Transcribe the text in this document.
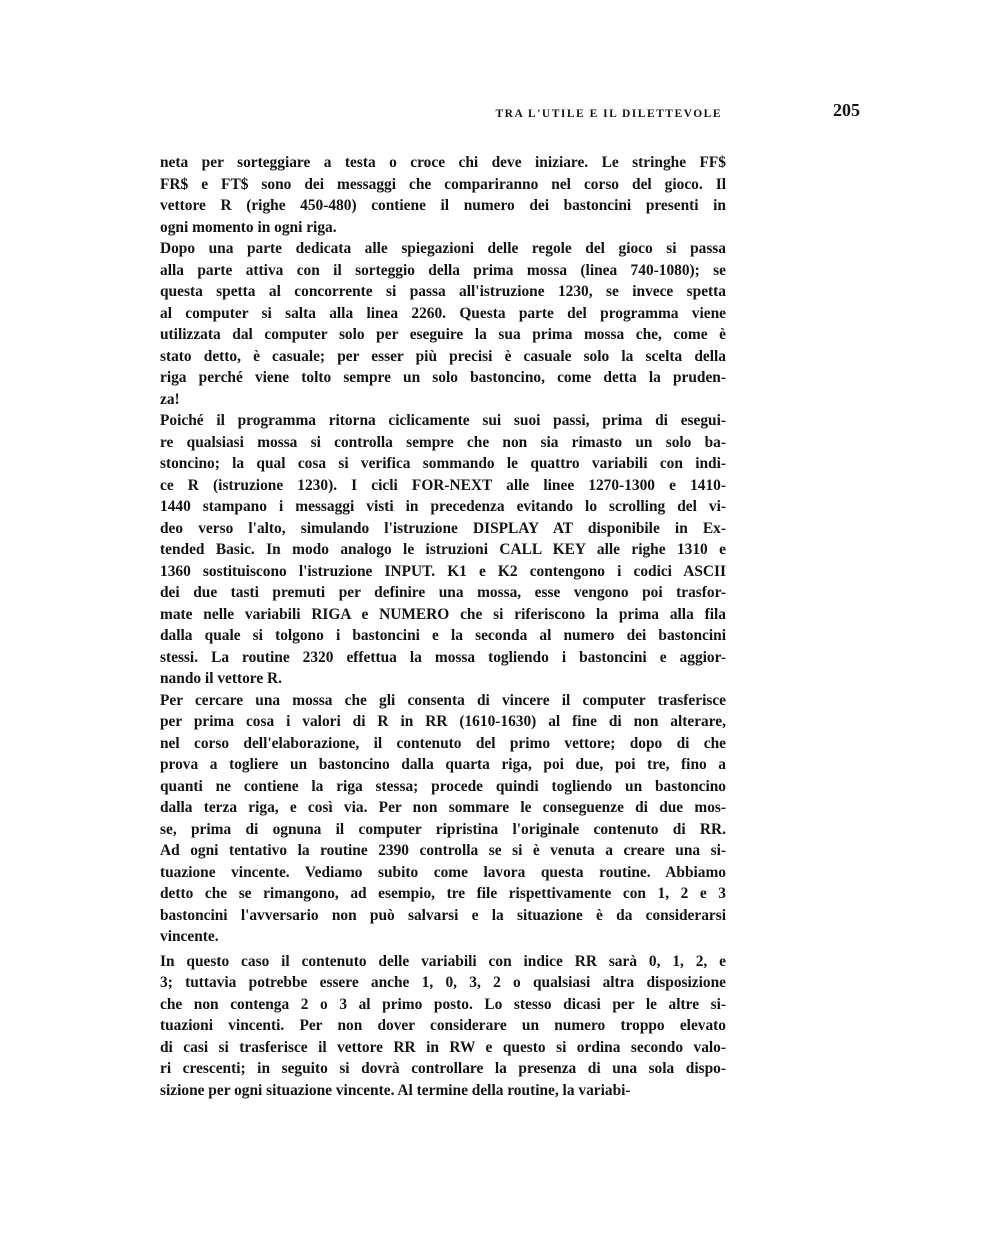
TRA L'UTILE E IL DILETTEVOLE	205
neta per sorteggiare a testa o croce chi deve iniziare. Le stringhe FF$
FR$ e FT$ sono dei messaggi che compariranno nel corso del gioco. Il
vettore R (righe 450-480) contiene il numero dei bastoncini presenti in
ogni momento in ogni riga.
Dopo una parte dedicata alle spiegazioni delle regole del gioco si passa
alla parte attiva con il sorteggio della prima mossa (linea 740-1080); se
questa spetta al concorrente si passa all'istruzione 1230, se invece spetta
al computer si salta alla linea 2260. Questa parte del programma viene
utilizzata dal computer solo per eseguire la sua prima mossa che, come è
stato detto, è casuale; per esser più precisi è casuale solo la scelta della
riga perché viene tolto sempre un solo bastoncino, come detta la pruden-
za!
Poiché il programma ritorna ciclicamente sui suoi passi, prima di esegui-
re qualsiasi mossa si controlla sempre che non sia rimasto un solo ba-
stoncino; la qual cosa si verifica sommando le quattro variabili con indi-
ce R (istruzione 1230). I cicli FOR-NEXT alle linee 1270-1300 e 1410-
1440 stampano i messaggi visti in precedenza evitando lo scrolling del vi-
deo verso l'alto, simulando l'istruzione DISPLAY AT disponibile in Ex-
tended Basic. In modo analogo le istruzioni CALL KEY alle righe 1310 e
1360 sostituiscono l'istruzione INPUT. K1 e K2 contengono i codici ASCII
dei due tasti premuti per definire una mossa, esse vengono poi trasfor-
mate nelle variabili RIGA e NUMERO che si riferiscono la prima alla fila
dalla quale si tolgono i bastoncini e la seconda al numero dei bastoncini
stessi. La routine 2320 effettua la mossa togliendo i bastoncini e aggior-
nando il vettore R.
Per cercare una mossa che gli consenta di vincere il computer trasferisce
per prima cosa i valori di R in RR (1610-1630) al fine di non alterare,
nel corso dell'elaborazione, il contenuto del primo vettore; dopo di che
prova a togliere un bastoncino dalla quarta riga, poi due, poi tre, fino a
quanti ne contiene la riga stessa; procede quindi togliendo un bastoncino
dalla terza riga, e così via. Per non sommare le conseguenze di due mos-
se, prima di ognuna il computer ripristina l'originale contenuto di RR.
Ad ogni tentativo la routine 2390 controlla se si è venuta a creare una si-
tuazione vincente. Vediamo subito come lavora questa routine. Abbiamo
detto che se rimangono, ad esempio, tre file rispettivamente con 1, 2 e 3
bastoncini l'avversario non può salvarsi e la situazione è da considerarsi
vincente.
In questo caso il contenuto delle variabili con indice RR sarà 0, 1, 2, e
3; tuttavia potrebbe essere anche 1, 0, 3, 2 o qualsiasi altra disposizione
che non contenga 2 o 3 al primo posto. Lo stesso dicasi per le altre si-
tuazioni vincenti. Per non dover considerare un numero troppo elevato
di casi si trasferisce il vettore RR in RW e questo si ordina secondo valo-
ri crescenti; in seguito si dovrà controllare la presenza di una sola dispo-
sizione per ogni situazione vincente. Al termine della routine, la variabi-
